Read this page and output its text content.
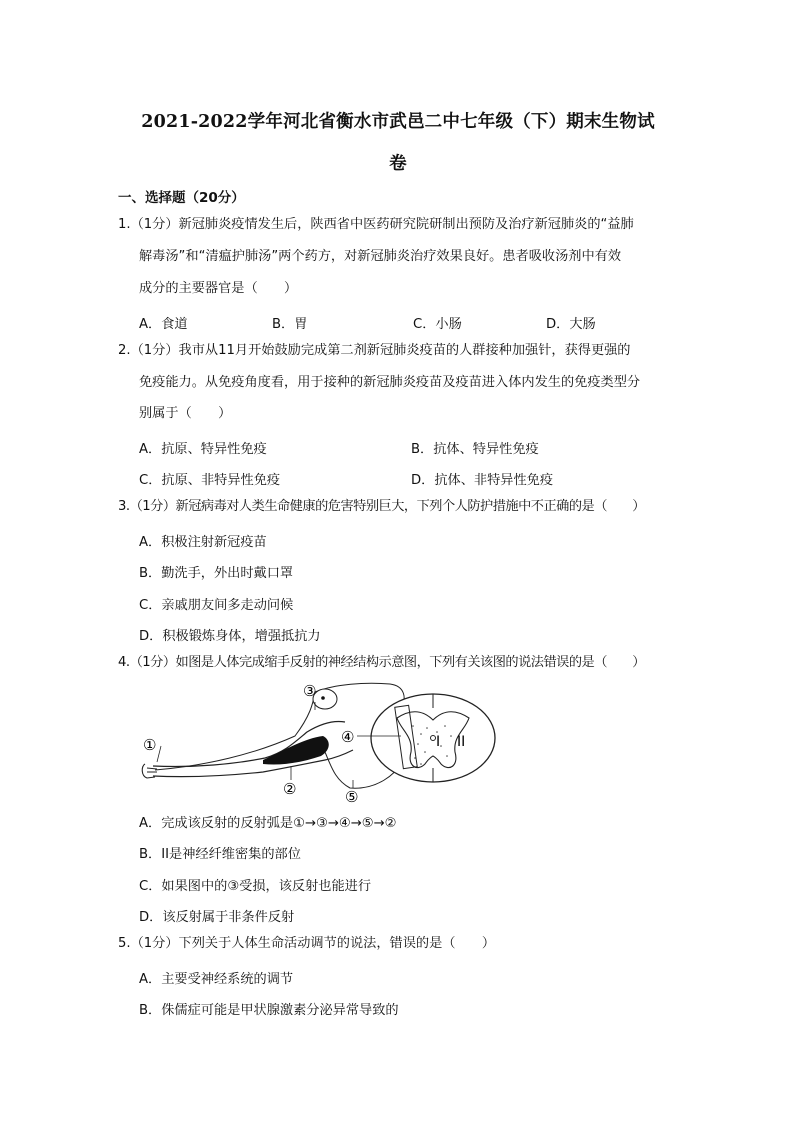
2021-2022学年河北省衡水市武邑二中七年级（下）期末生物试
卷
一、选择题（20分）
1.（1分）新冠肺炎疫情发生后，陕西省中医药研究院研制出预防及治疗新冠肺炎的“益肺
解毒汤”和“清瘟护肺汤”两个药方，对新冠肺炎治疗效果良好。患者吸收汤剂中有效
成分的主要器官是（　　）
A．食道	B．胃	C．小肠	D．大肠
2.（1分）我市从11月开始鼓励完成第二剂新冠肺炎疫苗的人群接种加强针，获得更强的
免疫能力。从免疫角度看，用于接种的新冠肺炎疫苗及疫苗进入体内发生的免疫类型分
别属于（　　）
A．抗原、特异性免疫	B．抗体、特异性免疫
C．抗原、非特异性免疫	D．抗体、非特异性免疫
3.（1分）新冠病毒对人类生命健康的危害特别巨大，下列个人防护措施中不正确的是（　　）
A．积极注射新冠疫苗
B．勤洗手，外出时戴口罩
C．亲戚朋友间多走动问候
D．积极锻炼身体，增强抵抗力
4.（1分）如图是人体完成缩手反射的神经结构示意图，下列有关该图的说法错误的是（　　）
①
②
③
④
⑤
I II
A．完成该反射的反射弧是①→③→④→⑤→②
B．II是神经纤维密集的部位
C．如果图中的③受损，该反射也能进行
D．该反射属于非条件反射
5.（1分）下列关于人体生命活动调节的说法，错误的是（　　）
A．主要受神经系统的调节
B．侏儒症可能是甲状腺激素分泌异常导致的
